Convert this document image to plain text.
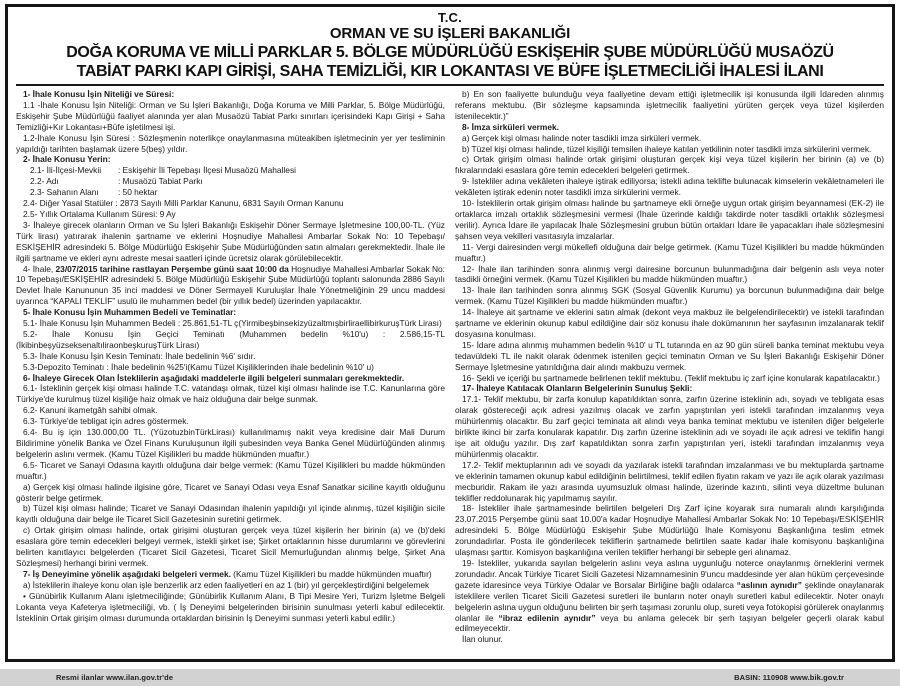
T.C.
ORMAN VE SU İŞLERİ BAKANLIĞI
DOĞA KORUMA VE MİLLİ PARKLAR 5. BÖLGE MÜDÜRLÜĞÜ ESKİŞEHİR ŞUBE MÜDÜRLÜĞÜ MUSAÖZÜ
TABİAT PARKI KAPI GİRİŞİ, SAHA TEMİZLİĞİ, KIR LOKANTASI VE BÜFE İŞLETMECİLİĞİ İHALESİ İLANI

1- İhale Konusu İşin Niteliği ve Süresi:

1.1 -İhale Konusu İşin Niteliği: Orman ve Su İşleri Bakanlığı, Doğa Koruma ve Milli Parklar, 5. Bölge Müdürlüğü, Eskişehir Şube Müdürlüğü faaliyet alanında yer alan Musaözü Tabiat Parkı sınırları içerisindeki Kapı Girişi + Saha Temizliği+Kır Lokantası+Büfe işletilmesi işi.

1.2-İhale Konusu İşin Süresi : Sözleşmenin noterlikçe onaylanmasına müteakiben işletmecinin yer yer tesliminin yapıldığı tarihten başlamak üzere 5(beş) yıldır.

2- İhale Konusu Yerin:

2.1- İli-İlçesi-Mevkii : Eskişehir İli Tepebaşı İlçesi Musaözü Mahallesi

2.2- Adı	: Musaözü Tabiat Parkı

2.3- Sahanın Alanı : 50 hektar

2.4- Diğer Yasal Statüler : 2873 Sayılı Milli Parklar Kanunu, 6831 Sayılı Orman Kanunu

2.5- Yıllık Ortalama Kullanım Süresi: 9 Ay

3- İhaleye girecek olanların Orman ve Su İşleri Bakanlığı Eskişehir Döner Sermaye İşletmesine 100,00-TL. (Yüz Türk lirası) yatırarak ihalenin şartname ve eklerini Hoşnudiye Mahallesi Ambarlar Sokak No: 10 Tepebaşı/ ESKİŞEHİR adresindeki 5. Bölge Müdürlüğü Eskişehir Şube Müdürlüğünden satın almaları gerekmektedir. İhale ile ilgili şartname ve ekleri aynı adreste mesai saatleri içinde ücretsiz olarak görülebilecektir.

4- İhale, 23/07/2015 tarihine rastlayan Perşembe günü saat 10:00 da Hoşnudiye Mahallesi Ambarlar Sokak No: 10 Tepebaşı/ESKİŞEHİR adresindeki 5. Bölge Müdürlüğü Eskişehir Şube Müdürlüğü toplantı salonunda 2886 Sayılı Devlet İhale Kanununun 35 inci maddesi ve Döner Sermayeli Kuruluşlar İhale Yönetmeliğinin 29 uncu maddesi uyarınca “KAPALI TEKLİF” usulü ile muhammen bedel (bir yıllık bedel) üzerinden yapılacaktır.

5- İhale Konusu İşin Muhammen Bedeli ve Teminatlar:

5.1- İhale Konusu İşin Muhammen Bedeli : 25.861,51-TL ç(YirmibeşbinsekizyüzaltmışbirliraellibirkuruşTürk Lirası)

5.2- İhale Konusu İşin Geçici Teminatı (Muhammen bedelin %10'u) : 2.586,15-TL (İkibinbeşyüzseksenaltıliraonbeşkuruşTürk Lirası)

5.3- İhale Konusu İşin Kesin Teminatı: İhale bedelinin %6' sıdır.

5.3-Depozito Teminatı : İhale bedelinin %25'i(Kamu Tüzel Kişiliklerinden ihale bedelinin %10' u)

6- İhaleye Girecek Olan İsteklilerin aşağıdaki maddelerle ilgili belgeleri sunmaları gerekmektedir.

6.1- İsteklinin gerçek kişi olması halinde T.C. vatandaşı olmak, tüzel kişi olması halinde ise T.C. Kanunlarına göre Türkiye'de kurulmuş tüzel kişiliğe haiz olmak ve haiz olduğuna dair belge sunmak.

6.2- Kanuni ikametgâh sahibi olmak.

6.3- Türkiye'de tebligat için adres göstermek.

6.4- Bu iş için 130.000,00 TL. (YüzotuzbinTürkLirası) kullanılmamış nakit veya kredisine dair Mali Durum Bildirimine yönelik Banka ve Özel Finans Kuruluşunun ilgili şubesinden veya Banka Genel Müdürlüğünden alınmış belgelerin aslını vermek. (Kamu Tüzel Kişilikleri bu madde hükmünden muaftır.)

6.5- Ticaret ve Sanayi Odasına kayıtlı olduğuna dair belge vermek: (Kamu Tüzel Kişilikleri bu madde hükmünden muaftır.)

a) Gerçek kişi olması halinde ilgisine göre, Ticaret ve Sanayi Odası veya Esnaf Sanatkar siciline kayıtlı olduğunu gösterir belge getirmek.

b) Tüzel kişi olması halinde; Ticaret ve Sanayi Odasından ihalenin yapıldığı yıl içinde alınmış, tüzel kişiliğin sicile kayıtlı olduğuna dair belge ile Ticaret Sicil Gazetesinin suretini getirmek.

c) Ortak girişim olması halinde, ortak girişimi oluşturan gerçek veya tüzel kişilerin her birinin (a) ve (b)'deki esaslara göre temin edecekleri belgeyi vermek, istekli şirket ise; Şirket ortaklarının hisse durumlarını ve görevlerini belirten kanıtlayıcı belgelerden (Ticaret Sicil Gazetesi, Ticaret Sicil Memurluğundan alınmış belge, Şirket Ana Sözleşmesi) herhangi birini vermek.

7- İş Deneyimine yönelik aşağıdaki belgeleri vermek. (Kamu Tüzel Kişilikleri bu madde hükmünden muaftır)

a) İsteklilerin ihaleye konu olan işle benzerlik arz eden faaliyetleri en az 1 (bir) yıl gerçekleştirdiğini belgelemek

• Günübirlik Kullanım Alanı işletmeciliğinde; Günübirlik Kullanım Alanı, B Tipi Mesire Yeri, Turizm İşletme Belgeli Lokanta veya Kafeterya işletmeciliği, vb. ( İş Deneyimi belgelerinden birisinin sunulması yeterli kabul edilecektir. İsteklinin Ortak girişim olması durumunda ortaklardan birisinin İş Deneyimi sunması yeterli kabul edilir.)

b) En son faaliyette bulunduğu veya faaliyetine devam ettiği işletmecilik işi konusunda ilgili İdareden alınmış referans mektubu. (Bir sözleşme kapsamında işletmecilik faaliyetini yürüten gerçek veya tüzel kişilerden istenilecektir.)”

8- İmza sirküleri vermek.

a) Gerçek kişi olması halinde noter tasdikli imza sirküleri vermek.

b) Tüzel kişi olması halinde, tüzel kişiliği temsilen ihaleye katılan yetkilinin noter tasdikli imza sirkülerini vermek.

c) Ortak girişim olması halinde ortak girişimi oluşturan gerçek kişi veya tüzel kişilerin her birinin (a) ve (b) fıkralarındaki esaslara göre temin edecekleri belgeleri getirmek.

9- İstekliler adına vekâleten ihaleye iştirak ediliyorsa; istekli adına teklifte bulunacak kimselerin vekâletnameleri ile vekâleten iştirak edenin noter tasdikli imza sirkülerini vermek.

10- İsteklilerin ortak girişim olması halinde bu şartnameye ekli örneğe uygun ortak girişim beyannamesi (EK-2) ile ortaklarca imzalı ortaklık sözleşmesini vermesi (İhale üzerinde kaldığı takdirde noter tasdikli ortaklık sözleşmesi verilir). Ayrıca İdare ile yapılacak İhale Sözleşmesini grubun bütün ortakları İdare ile yapacakları ihale sözleşmesini şahsen veya vekilleri vasıtasıyla imzalarlar.

11- Vergi dairesinden vergi mükellefi olduğuna dair belge getirmek. (Kamu Tüzel Kişilikleri bu madde hükmünden muaftır.)

12- İhale ilan tarihinden sonra alınmış vergi dairesine borcunun bulunmadığına dair belgenin aslı veya noter tasdikli örneğini vermek. (Kamu Tüzel Kişilikleri bu madde hükmünden muaftır.)

13- İhale ilan tarihinden sonra alınmış SGK (Sosyal Güvenlik Kurumu) ya borcunun bulunmadığına dair belge vermek. (Kamu Tüzel Kişilikleri bu madde hükmünden muaftır.)

14- İhaleye ait şartname ve eklerini satın almak (dekont veya makbuz ile belgelendirilecektir) ve istekli tarafından şartname ve eklerinin okunup kabul edildiğine dair söz konusu ihale dokümanının her sayfasının imzalanarak teklif dosyasına konulması.

15- İdare adına alınmış muhammen bedelin %10' u TL tutarında en az 90 gün süreli banka teminat mektubu veya tedavüldeki TL ile nakit olarak ödenmek istenilen geçici teminatın Orman ve Su İşleri Bakanlığı Eskişehir Döner Sermaye İşletmesine yatırıldığına dair alındı makbuzu vermek.

16- Şekli ve içeriği bu şartnamede belirlenen teklif mektubu. (Teklif mektubu iç zarf içine konularak kapatılacaktır.)

17- İhaleye Katılacak Olanların Belgelerinin Sunuluş Şekli:

17.1- Teklif mektubu, bir zarfa konulup kapatıldıktan sonra, zarfın üzerine isteklinin adı, soyadı ve tebligata esas olarak göstereceği açık adresi yazılmış olacak ve zarfın yapıştırılan yeri istekli tarafından imzalanmış veya mühürlenmiş olacaktır. Bu zarf geçici teminata ait alındı veya banka teminat mektubu ve istenilen diğer belgelerle birlikte ikinci bir zarfa konularak kapatılır. Dış zarfın üzerine isteklinin adı ve soyadı ile açık adresi ve teklifin hangi işe ait olduğu yazılır. Dış zarf kapatıldıktan sonra zarfın yapıştırılan yeri, istekli tarafından imzalanmış veya mühürlenmiş olacaktır.

17.2- Teklif mektuplarının adı ve soyadı da yazılarak istekli tarafından imzalanması ve bu mektuplarda şartname ve eklerinin tamamen okunup kabul edildiğinin belirtilmesi, teklif edilen fiyatın rakam ve yazı ile açık olarak yazılması mecburidir. Rakam ile yazı arasında uyumsuzluk olması halinde, üzerinde kazıntı, silinti veya düzeltme bulunan teklifler reddolunarak hiç yapılmamış sayılır.

18- İstekliler ihale şartnamesinde belirtilen belgeleri Dış Zarf içine koyarak sıra numaralı alındı karşılığında 23.07.2015 Perşembe günü saat 10.00'a kadar Hoşnudiye Mahallesi Ambarlar Sokak No: 10 Tepebaşı/ESKİŞEHİR adresindeki 5. Bölge Müdürlüğü Eskişehir Şube Müdürlüğü İhale Komisyonu Başkanlığına teslim etmek zorundadırlar. Posta ile gönderilecek tekliflerin şartnamede belirtilen saate kadar ihale komisyonu başkanlığına ulaşması şarttır. Komisyon başkanlığına verilen teklifler herhangi bir sebeple geri alınamaz.

19- İstekliler, yukarıda sayılan belgelerin aslını veya aslına uygunluğu noterce onaylanmış örneklerini vermek zorundadır. Ancak Türkiye Ticaret Sicili Gazetesi Nizamnamesinin 9'uncu maddesinde yer alan hüküm çerçevesinde gazete idaresince veya Türkiye Odalar ve Borsalar Birliğine bağlı odalarca “aslının aynıdır” şeklinde onaylanarak isteklilere verilen Ticaret Sicili Gazetesi suretleri ile bunların noter onaylı suretleri kabul edilecektir. Noter onaylı belgelerin aslına uygun olduğunu belirten bir şerh taşıması zorunlu olup, sureti veya fotokopisi görülerek onaylanmış olanlar ile “ibraz edilenin aynıdır” veya bu anlama gelecek bir şerh taşıyan belgeler geçerli olarak kabul edilmeyecektir.

İlan olunur.

Resmi ilanlar www.ilan.gov.tr'de	BASIN: 110908 www.bik.gov.tr
